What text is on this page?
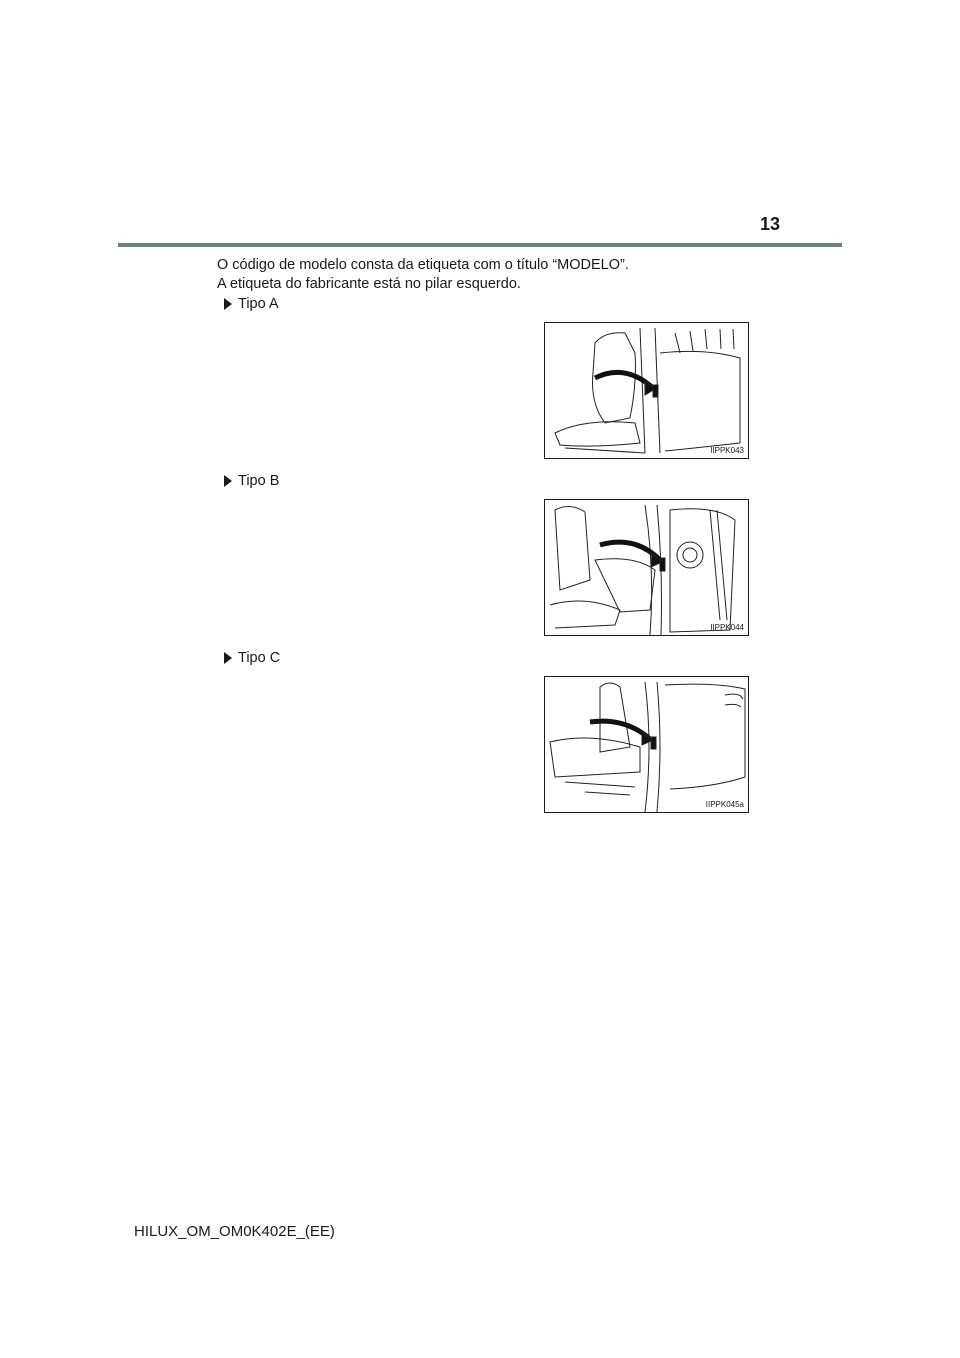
13

O código de modelo consta da etiqueta com o título “MODELO”.

A etiqueta do fabricante está no pilar esquerdo.

Tipo A
IIPPK043
Tipo B
IIPPK044
Tipo C
IIPPK045a
HILUX_OM_OM0K402E_(EE)
